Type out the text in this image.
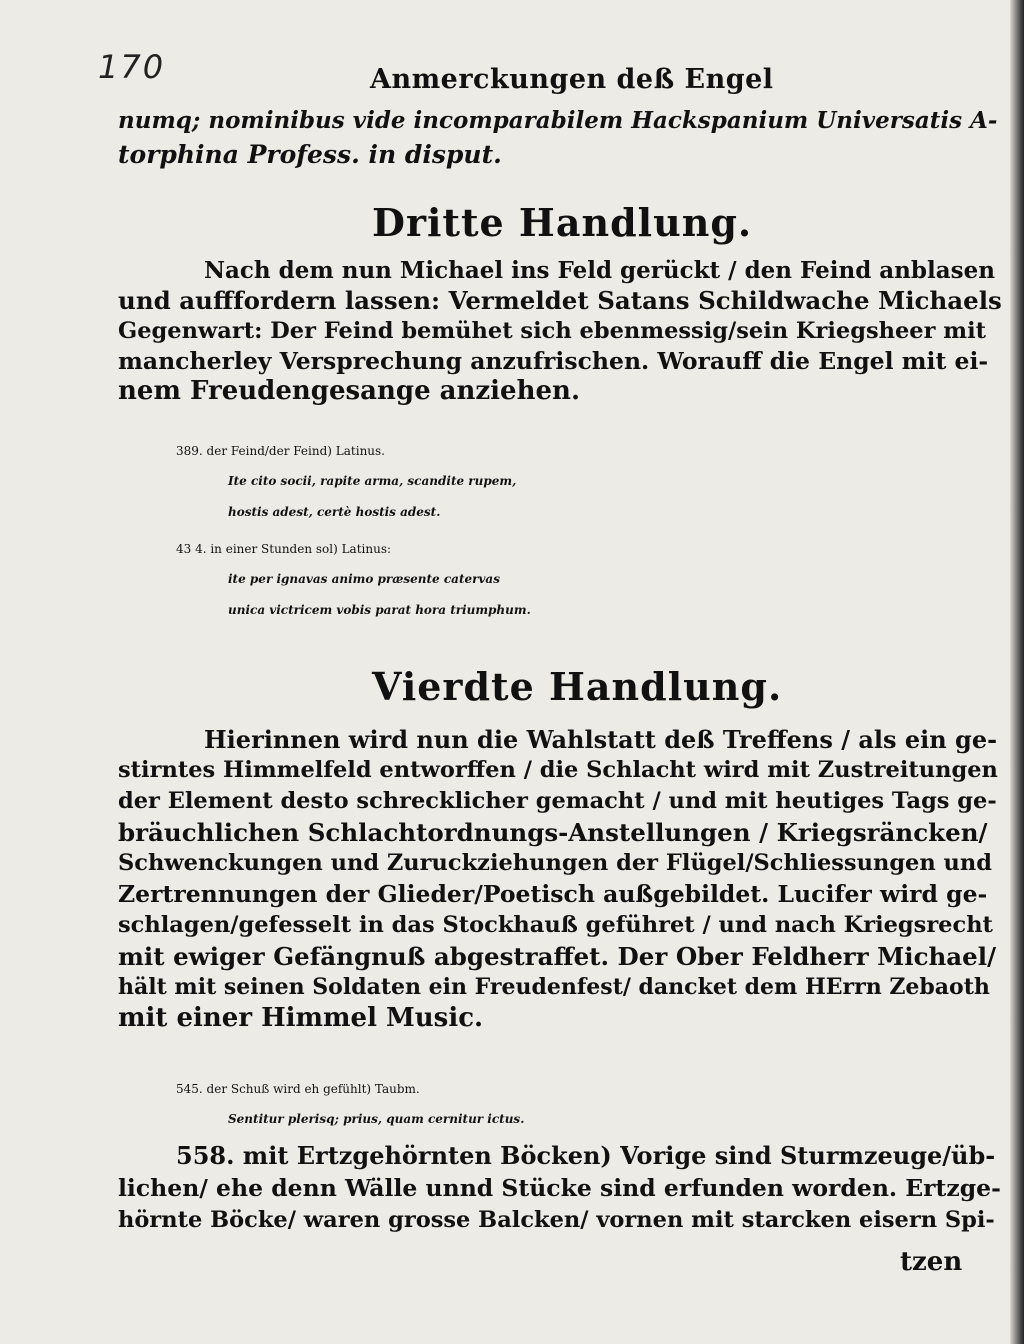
170	Anmerckungen deß Engel
numq; nominibus vide incomparabilem Hackspanium Universatis A-
torphina Profess. in disput.
Dritte Handlung.
Nach dem nun Michael ins Feld gerückt / den Feind anblasen
und aufffordern lassen: Vermeldet Satans Schildwache Michaels
Gegenwart: Der Feind bemühet sich ebenmessig/sein Kriegsheer mit
mancherley Versprechung anzufrischen. Worauff die Engel mit ei-
nem Freudengesange anziehen.
389. der Feind/der Feind) Latinus.
Ite cito socii, rapite arma, scandite rupem,
hostis adest, certè hostis adest.
43 4. in einer Stunden sol) Latinus:
ite per ignavas animo præsente catervas
unica victricem vobis parat hora triumphum.
Vierdte Handlung.
Hierinnen wird nun die Wahlstatt deß Treffens / als ein ge-
stirntes Himmelfeld entworffen / die Schlacht wird mit Zustreitungen
der Element desto schrecklicher gemacht / und mit heutiges Tags ge-
bräuchlichen Schlachtordnungs-Anstellungen / Kriegsräncken/
Schwenckungen und Zuruckziehungen der Flügel/Schliessungen und
Zertrennungen der Glieder/Poetisch außgebildet. Lucifer wird ge-
schlagen/gefesselt in das Stockhauß geführet / und nach Kriegsrecht
mit ewiger Gefängnuß abgestraffet. Der Ober Feldherr Michael/
hält mit seinen Soldaten ein Freudenfest/ dancket dem HErrn Zebaoth
mit einer Himmel Music.
545. der Schuß wird eh gefühlt) Taubm.
Sentitur plerisq; prius, quam cernitur ictus.
558. mit Ertzgehörnten Böcken) Vorige sind Sturmzeuge/üb-
lichen/ ehe denn Wälle unnd Stücke sind erfunden worden. Ertzge-
hörnte Böcke/ waren grosse Balcken/ vornen mit starcken eisern Spi-
tzen
